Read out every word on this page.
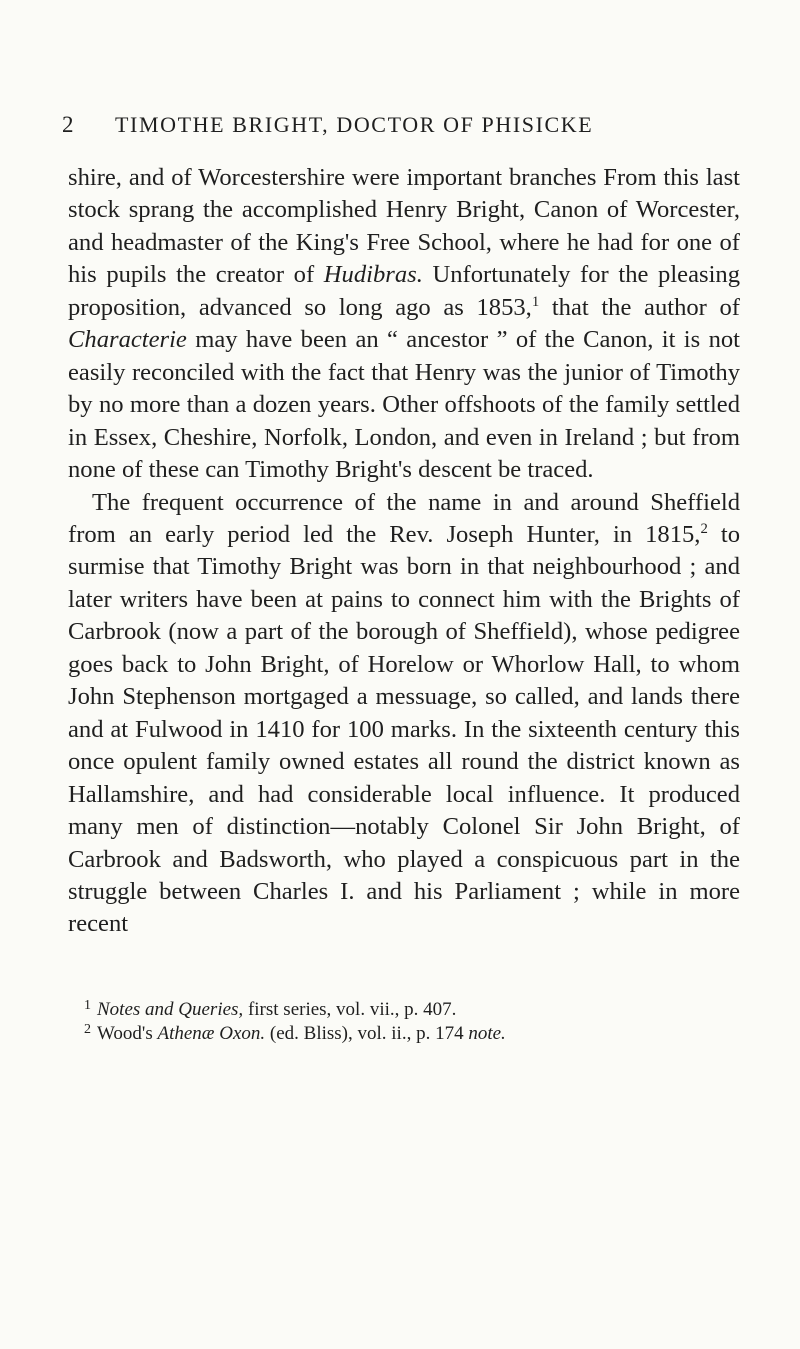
2 TIMOTHE BRIGHT, DOCTOR OF PHISICKE

shire, and of Worcestershire were important branches From this last stock sprang the accomplished Henry Bright, Canon of Worcester, and headmaster of the King's Free School, where he had for one of his pupils the creator of Hudibras. Unfortunately for the pleasing proposition, advanced so long ago as 1853,$^1$ that the author of Characterie may have been an “ ancestor ” of the Canon, it is not easily reconciled with the fact that Henry was the junior of Timothy by no more than a dozen years. Other offshoots of the family settled in Essex, Cheshire, Norfolk, London, and even in Ireland ; but from none of these can Timothy Bright's descent be traced.

The frequent occurrence of the name in and around Sheffield from an early period led the Rev. Joseph Hunter, in 1815,$^2$ to surmise that Timothy Bright was born in that neighbourhood ; and later writers have been at pains to connect him with the Brights of Carbrook (now a part of the borough of Sheffield), whose pedigree goes back to John Bright, of Horelow or Whorlow Hall, to whom John Stephenson mortgaged a messuage, so called, and lands there and at Fulwood in 1410 for 100 marks. In the sixteenth century this once opulent family owned estates all round the district known as Hallamshire, and had considerable local influence. It produced many men of distinction—notably Colonel Sir John Bright, of Carbrook and Badsworth, who played a conspicuous part in the struggle between Charles I. and his Parliament ; while in more recent

$^1$ Notes and Queries, first series, vol. vii., p. 407.

$^2$ Wood's Athenæ Oxon. (ed. Bliss), vol. ii., p. 174 note.
